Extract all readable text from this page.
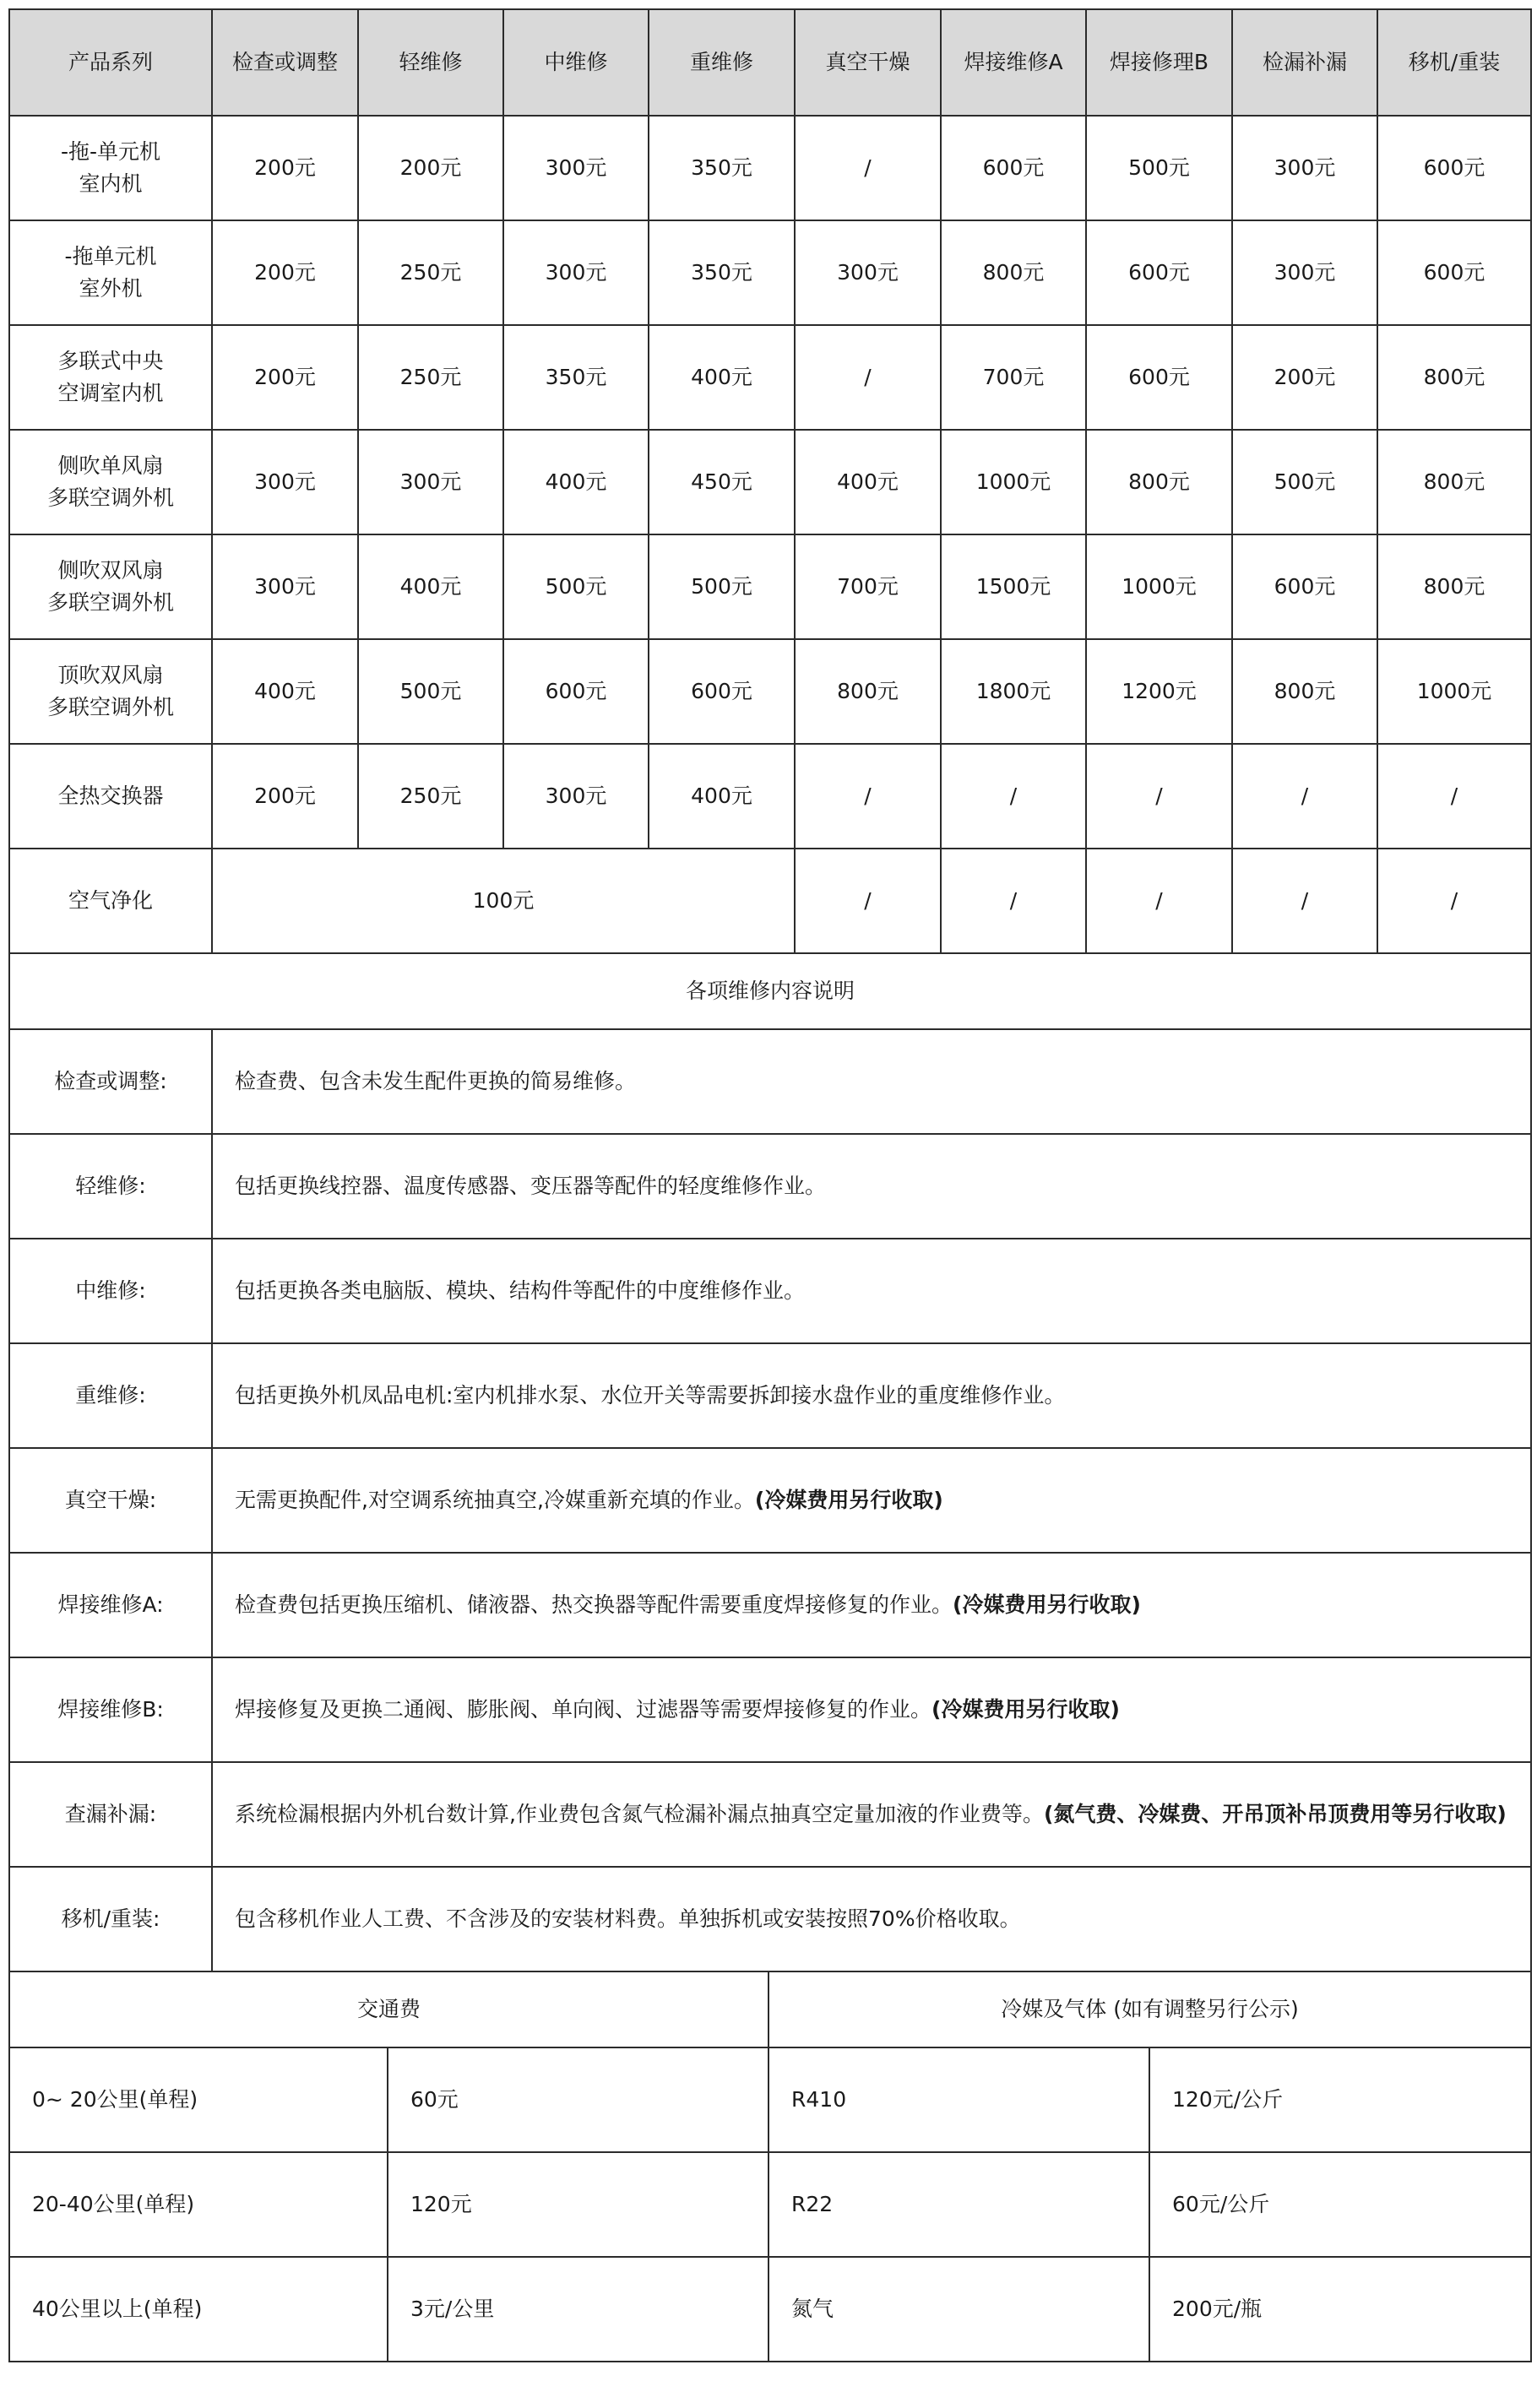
产品系列	检查或调整	轻维修	中维修	重维修	真空干燥	焊接维修A	焊接修理B	检漏补漏	移机/重装
-拖-单元机
室内机	200元	200元	300元	350元	/	600元	500元	300元	600元
-拖单元机
室外机	200元	250元	300元	350元	300元	800元	600元	300元	600元
多联式中央
空调室内机	200元	250元	350元	400元	/	700元	600元	200元	800元
侧吹单风扇
多联空调外机	300元	300元	400元	450元	400元	1000元	800元	500元	800元
侧吹双风扇
多联空调外机	300元	400元	500元	500元	700元	1500元	1000元	600元	800元
顶吹双风扇
多联空调外机	400元	500元	600元	600元	800元	1800元	1200元	800元	1000元
全热交换器	200元	250元	300元	400元	/	/	/	/	/
空气净化	100元				/	/	/	/	/
各项维修内容说明	
检查或调整:	检查费、包含未发生配件更换的简易维修。
轻维修:	包括更换线控器、温度传感器、变压器等配件的轻度维修作业。
中维修:	包括更换各类电脑版、模块、结构件等配件的中度维修作业。
重维修:	包括更换外机凤品电机:室内机排水泵、水位开关等需要拆卸接水盘作业的重度维修作业。
真空干燥:	无需更换配件,对空调系统抽真空,冷媒重新充填的作业。(冷媒费用另行收取)
焊接维修A:	检查费包括更换压缩机、储液器、热交换器等配件需要重度焊接修复的作业。(冷媒费用另行收取)
焊接维修B:	焊接修复及更换二通阀、膨胀阀、单向阀、过滤器等需要焊接修复的作业。(冷媒费用另行收取)
查漏补漏:	系统检漏根据内外机台数计算,作业费包含氮气检漏补漏点抽真空定量加液的作业费等。(氮气费、冷媒费、开吊顶补吊顶费用等另行收取)
移机/重装:	包含移机作业人工费、不含涉及的安装材料费。单独拆机或安装按照70%价格收取。
交通费		冷媒及气体 (如有调整另行公示)	
0~ 20公里(单程)	60元	R410	120元/公斤
20-40公里(单程)	120元	R22	60元/公斤
40公里以上(单程)	3元/公里	氮气	200元/瓶
